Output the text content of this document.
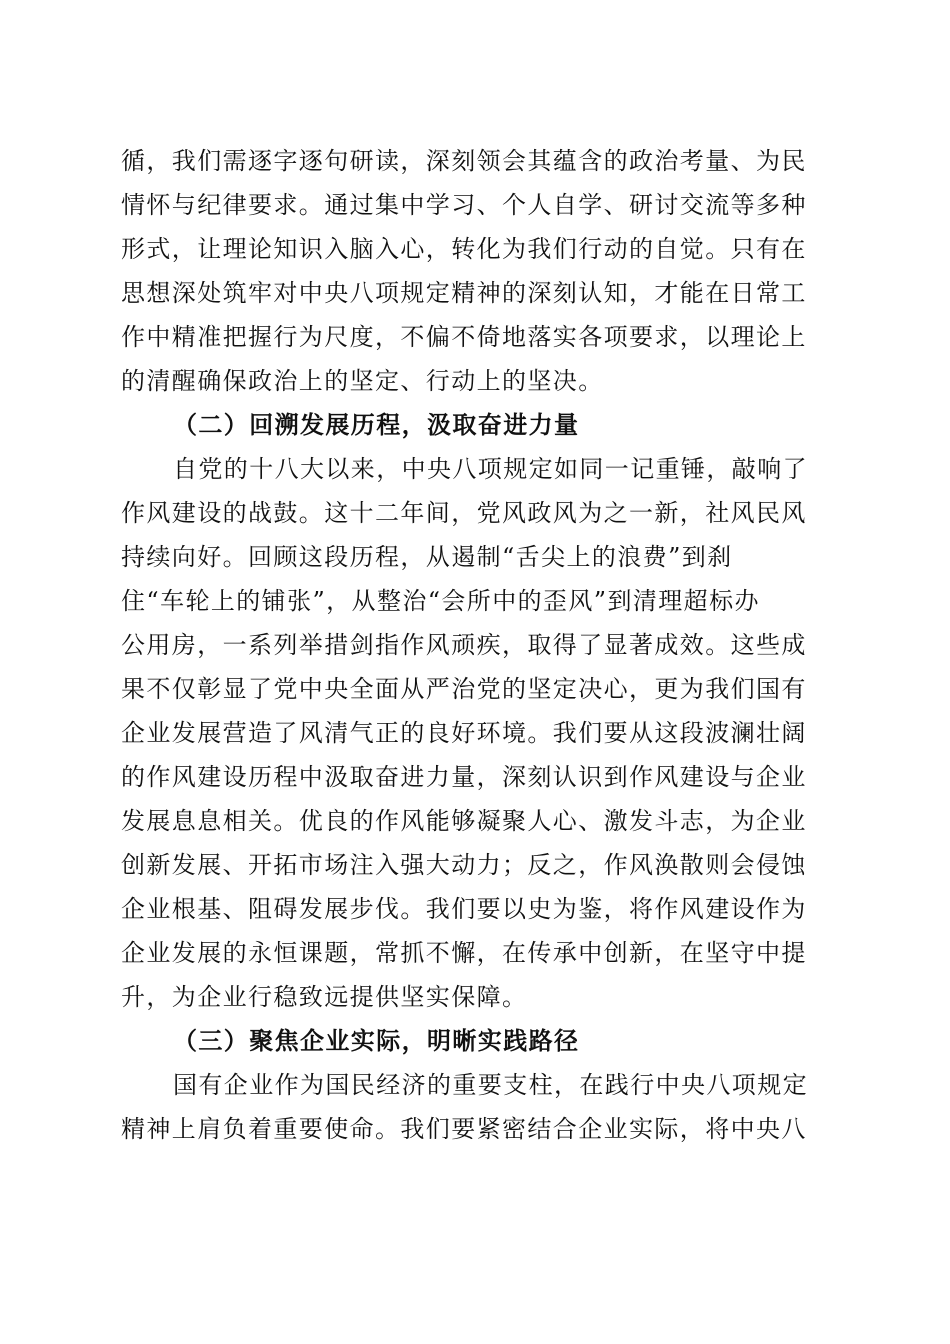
循，我们需逐字逐句研读，深刻领会其蕴含的政治考量、为民
情怀与纪律要求。通过集中学习、个人自学、研讨交流等多种
形式，让理论知识入脑入心，转化为我们行动的自觉。只有在
思想深处筑牢对中央八项规定精神的深刻认知，才能在日常工
作中精准把握行为尺度，不偏不倚地落实各项要求，以理论上
的清醒确保政治上的坚定、行动上的坚决。
（二）回溯发展历程，汲取奋进力量
自党的十八大以来，中央八项规定如同一记重锤，敲响了
作风建设的战鼓。这十二年间，党风政风为之一新，社风民风
持续向好。回顾这段历程，从遏制“舌尖上的浪费”到刹
住“车轮上的铺张”，从整治“会所中的歪风”到清理超标办
公用房，一系列举措剑指作风顽疾，取得了显著成效。这些成
果不仅彰显了党中央全面从严治党的坚定决心，更为我们国有
企业发展营造了风清气正的良好环境。我们要从这段波澜壮阔
的作风建设历程中汲取奋进力量，深刻认识到作风建设与企业
发展息息相关。优良的作风能够凝聚人心、激发斗志，为企业
创新发展、开拓市场注入强大动力；反之，作风涣散则会侵蚀
企业根基、阻碍发展步伐。我们要以史为鉴，将作风建设作为
企业发展的永恒课题，常抓不懈，在传承中创新，在坚守中提
升，为企业行稳致远提供坚实保障。
（三）聚焦企业实际，明晰实践路径
国有企业作为国民经济的重要支柱，在践行中央八项规定
精神上肩负着重要使命。我们要紧密结合企业实际，将中央八
